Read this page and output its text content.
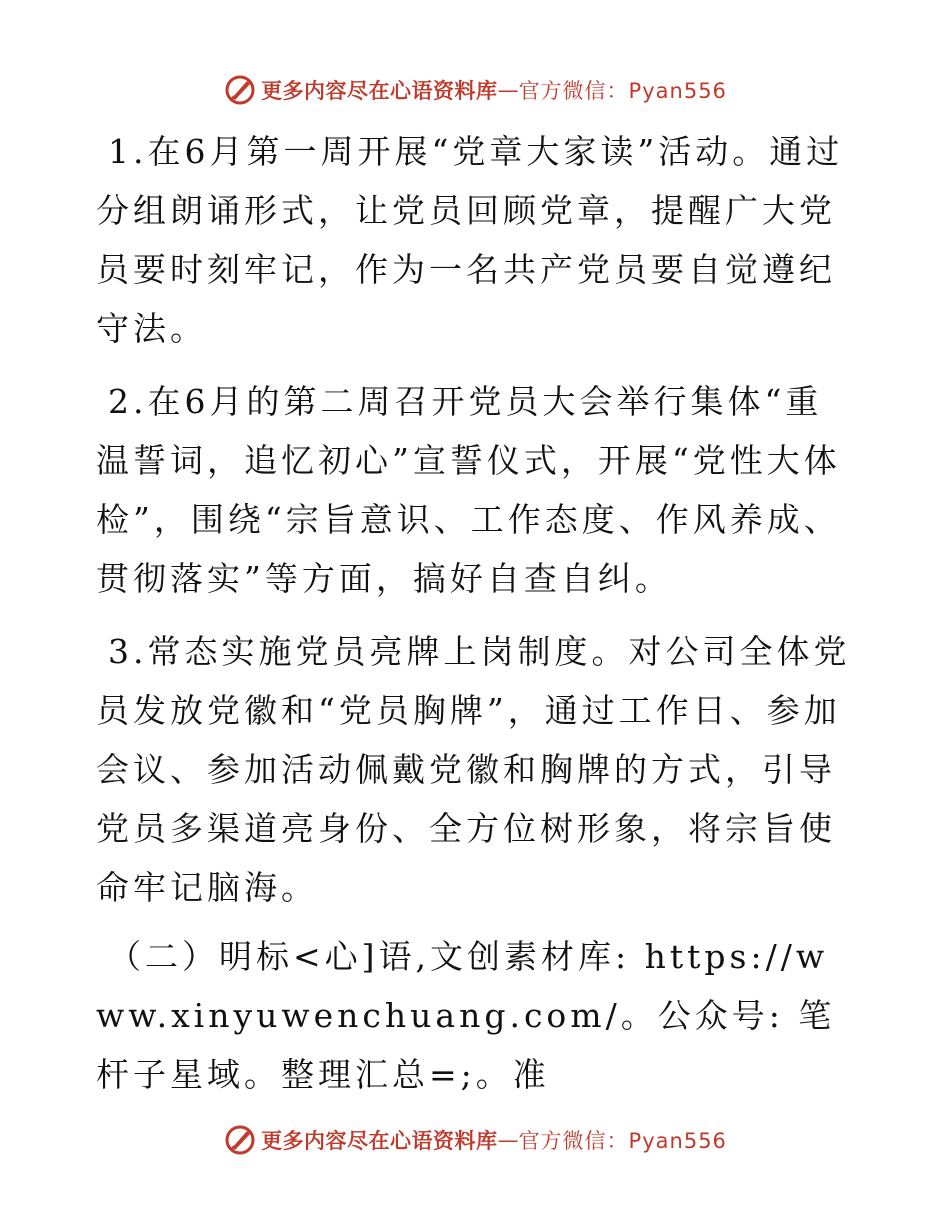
更多内容尽在心语资料库 — 官方微信：Pyan556

1.在6月第一周开展“党章大家读”活动。通过分组朗诵形式，让党员回顾党章，提醒广大党员要时刻牢记，作为一名共产党员要自觉遵纪守法。

2.在6月的第二周召开党员大会举行集体“重温誓词，追忆初心”宣誓仪式，开展“党性大体检”，围绕“宗旨意识、工作态度、作风养成、贯彻落实”等方面，搞好自查自纠。

3.常态实施党员亮牌上岗制度。对公司全体党员发放党徽和“党员胸牌”，通过工作日、参加会议、参加活动佩戴党徽和胸牌的方式，引导党员多渠道亮身份、全方位树形象，将宗旨使命牢记脑海。

（二）明标<心]语,文创素材库: https://www.xinyuwenchuang.com/。公众号: 笔杆子星域。整理汇总=;。准

更多内容尽在心语资料库 — 官方微信：Pyan556
